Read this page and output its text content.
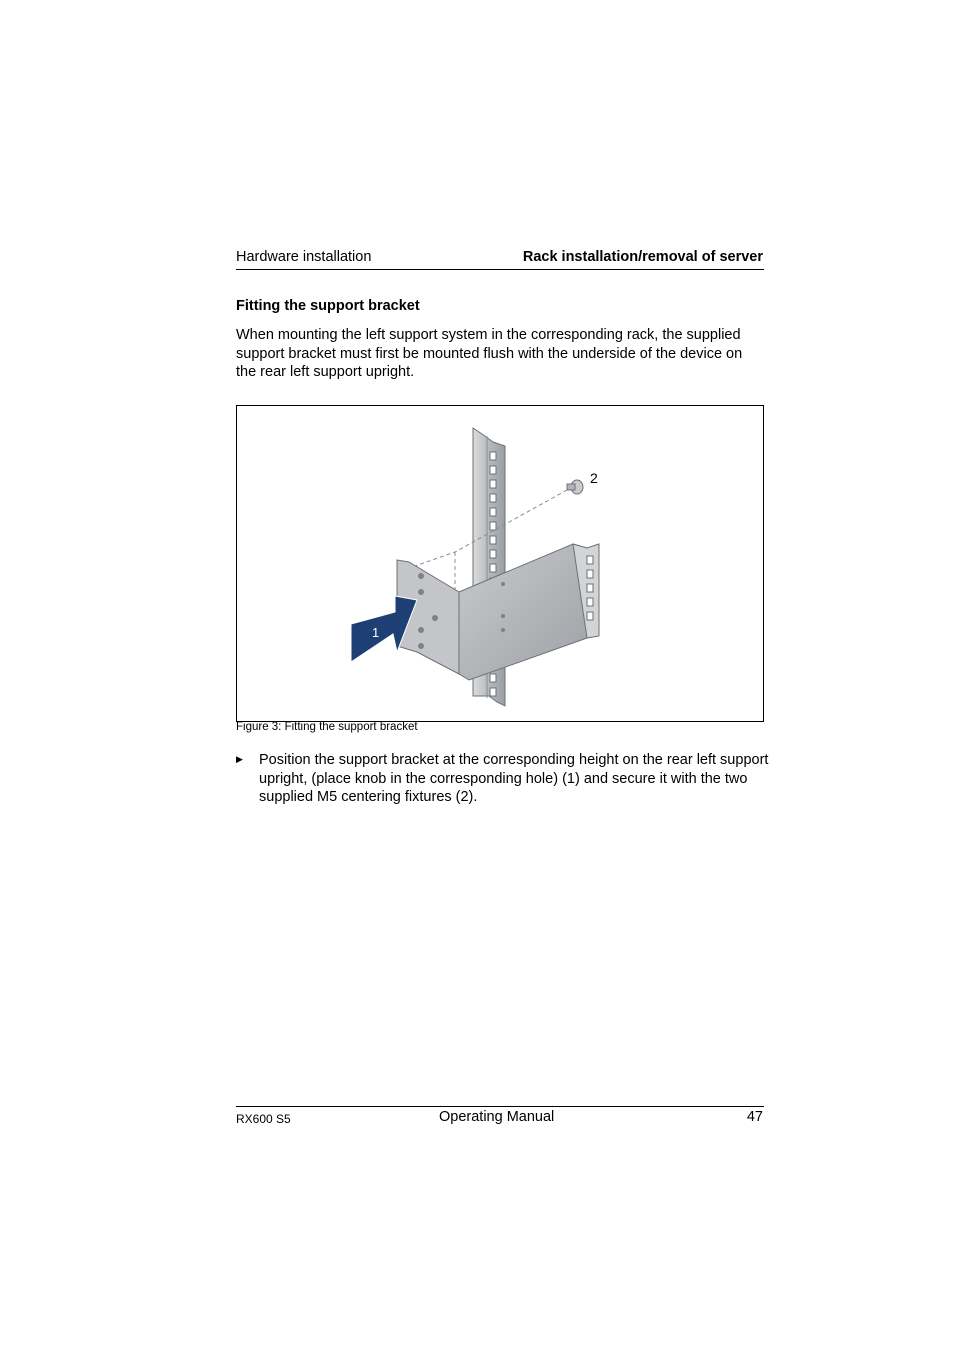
Hardware installation	Rack installation/removal of server
Fitting the support bracket
When mounting the left support system in the corresponding rack, the supplied support bracket must first be mounted flush with the underside of the device on the rear left support upright.
2
1
Figure 3: Fitting the support bracket
▶ Position the support bracket at the corresponding height on the rear left support upright, (place knob in the corresponding hole) (1) and secure it with the two supplied M5 centering fixtures (2).
RX600 S5	Operating Manual	47
